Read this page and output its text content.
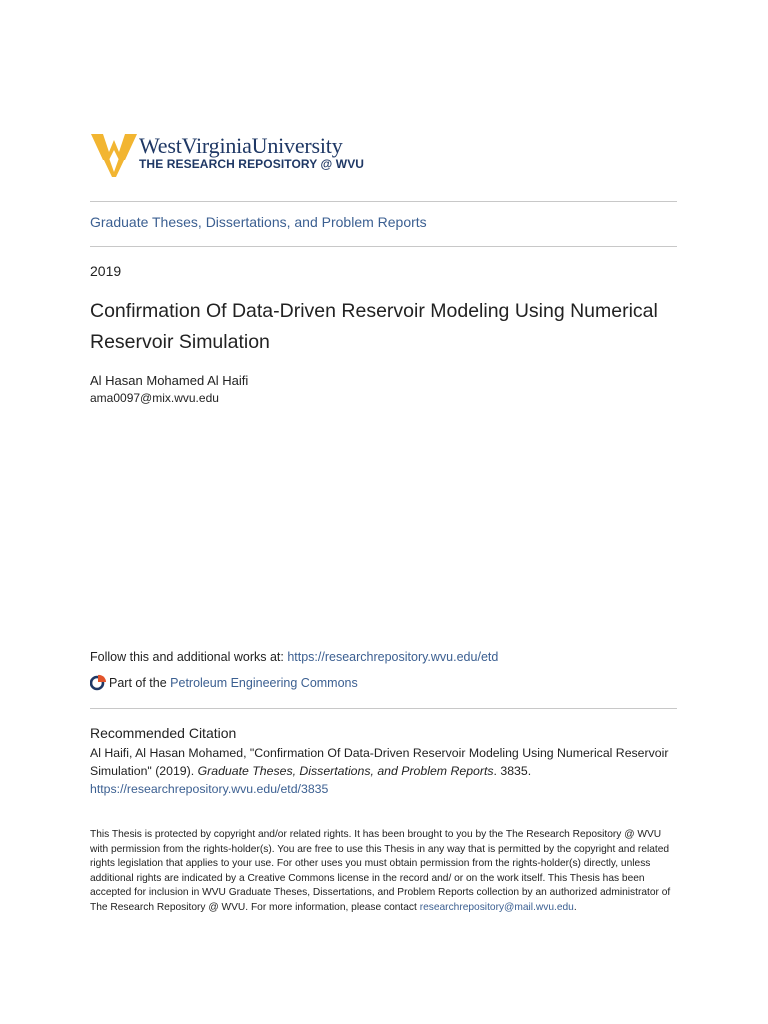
WestVirginiaUniversity
THE RESEARCH REPOSITORY @ WVU
Graduate Theses, Dissertations, and Problem Reports
2019
Confirmation Of Data-Driven Reservoir Modeling Using Numerical Reservoir Simulation
Al Hasan Mohamed Al Haifi
ama0097@mix.wvu.edu
Follow this and additional works at: https://researchrepository.wvu.edu/etd
Part of the Petroleum Engineering Commons
Recommended Citation
Al Haifi, Al Hasan Mohamed, "Confirmation Of Data-Driven Reservoir Modeling Using Numerical Reservoir Simulation" (2019). Graduate Theses, Dissertations, and Problem Reports. 3835.
https://researchrepository.wvu.edu/etd/3835
This Thesis is protected by copyright and/or related rights. It has been brought to you by the The Research Repository @ WVU with permission from the rights-holder(s). You are free to use this Thesis in any way that is permitted by the copyright and related rights legislation that applies to your use. For other uses you must obtain permission from the rights-holder(s) directly, unless additional rights are indicated by a Creative Commons license in the record and/ or on the work itself. This Thesis has been accepted for inclusion in WVU Graduate Theses, Dissertations, and Problem Reports collection by an authorized administrator of The Research Repository @ WVU. For more information, please contact researchrepository@mail.wvu.edu.
